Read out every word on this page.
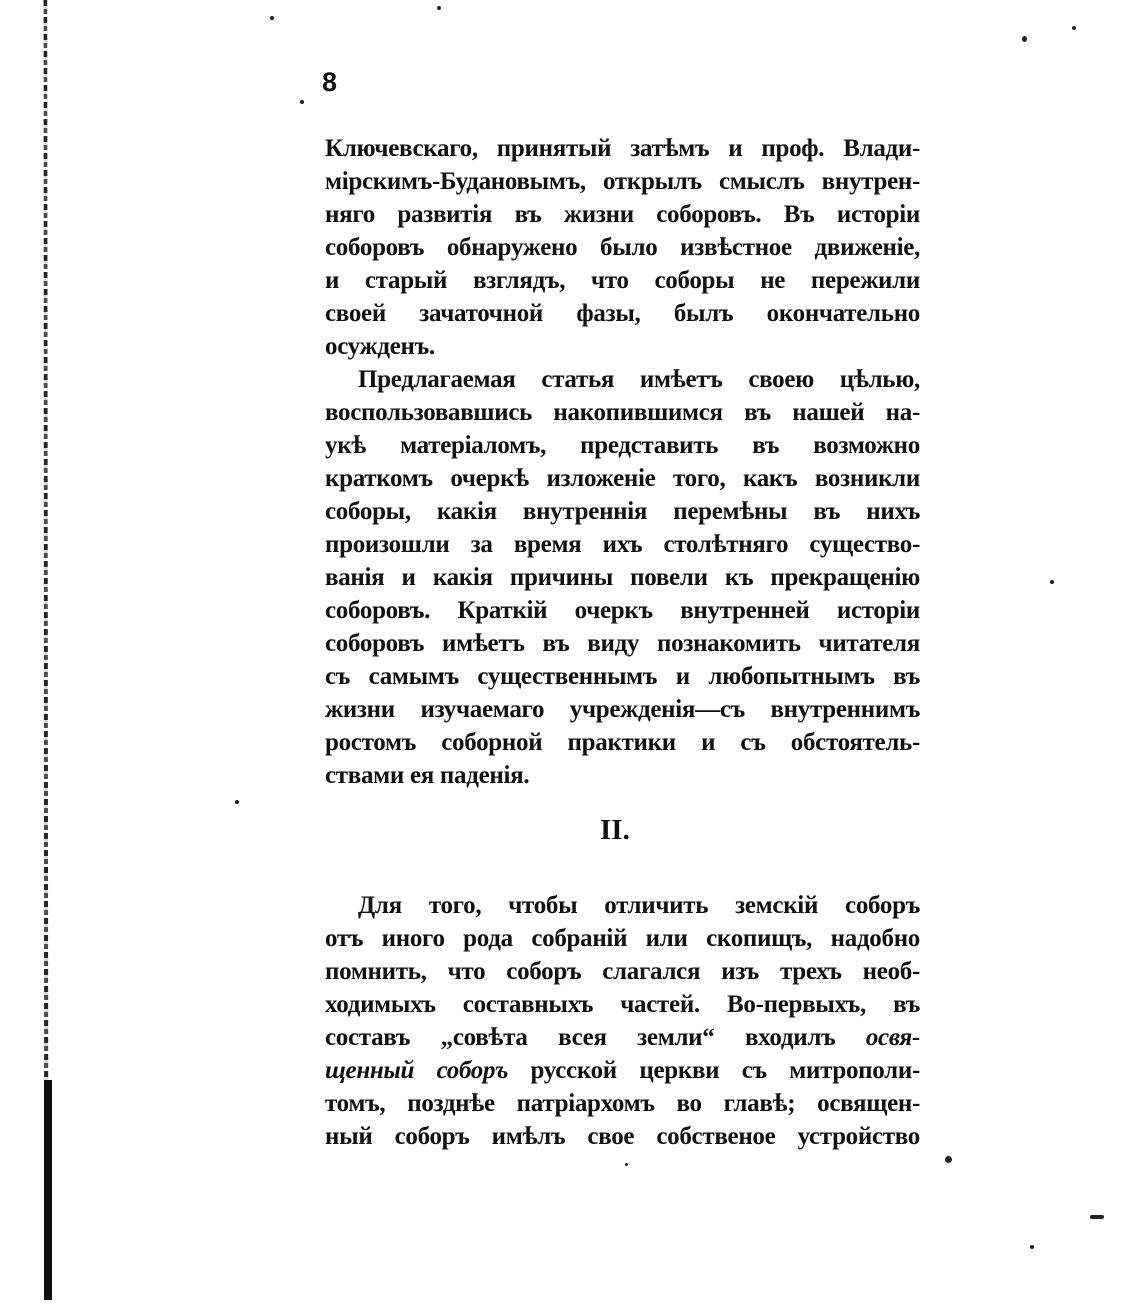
8
Ключевскаго, принятый затѣмъ и проф. Влади-
мірскимъ-Будановымъ, открылъ смыслъ внутрен-
няго развитія въ жизни соборовъ. Въ исторіи
соборовъ обнаружено было извѣстное движеніе,
и старый взглядъ, что соборы не пережили
своей зачаточной фазы, былъ окончательно
осужденъ.
Предлагаемая статья имѣетъ своею цѣлью,
воспользовавшись накопившимся въ нашей на-
укѣ матеріаломъ, представить въ возможно
краткомъ очеркѣ изложеніе того, какъ возникли
соборы, какія внутреннія перемѣны въ нихъ
произошли за время ихъ столѣтняго существо-
ванія и какія причины повели къ прекращенію
соборовъ. Краткій очеркъ внутренней исторіи
соборовъ имѣетъ въ виду познакомить читателя
съ самымъ существеннымъ и любопытнымъ въ
жизни изучаемаго учрежденія—съ внутреннимъ
ростомъ соборной практики и съ обстоятель-
ствами ея паденія.
II.
Для того, чтобы отличить земскій соборъ
отъ иного рода собраній или скопищъ, надобно
помнить, что соборъ слагался изъ трехъ необ-
ходимыхъ составныхъ частей. Во-первыхъ, въ
составъ „совѣта всея земли“ входилъ освя-
щенный соборъ русской церкви съ митрополи-
томъ, позднѣе патріархомъ во главѣ; освящен-
ный соборъ имѣлъ свое собственое устройство
